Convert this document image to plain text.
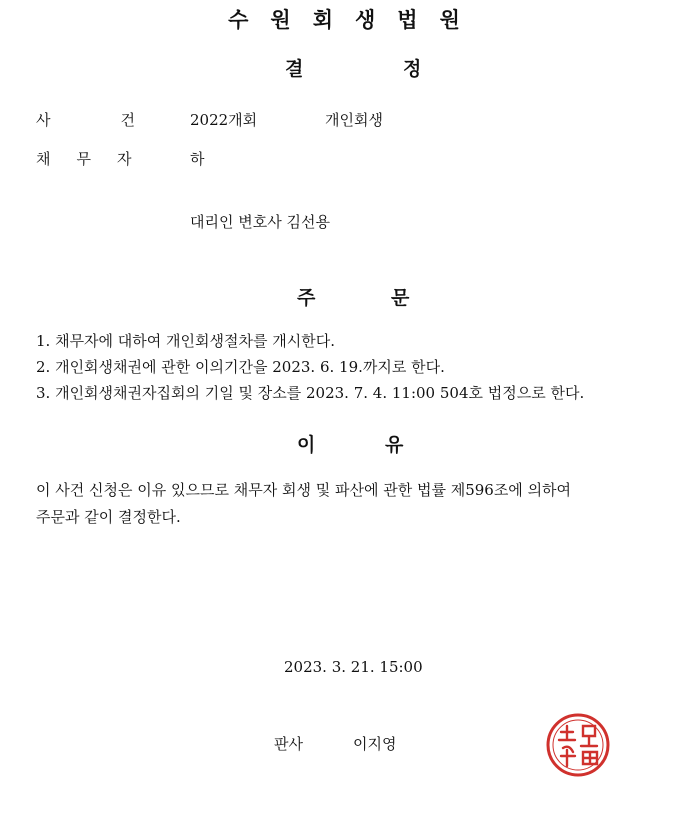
수원회생법원
결	정
사	건	2022개회	개인회생
채무자 하
대리인 변호사 김선용
주	문
1. 채무자에 대하여 개인회생절차를 개시한다.
2. 개인회생채권에 관한 이의기간을 2023. 6. 19.까지로 한다.
3. 개인회생채권자집회의 기일 및 장소를 2023. 7. 4. 11:00 504호 법정으로 한다.
이	유
이 사건 신청은 이유 있으므로 채무자 회생 및 파산에 관한 법률 제596조에 의하여
주문과 같이 결정한다.
2023. 3. 21. 15:00
판사	이지영
